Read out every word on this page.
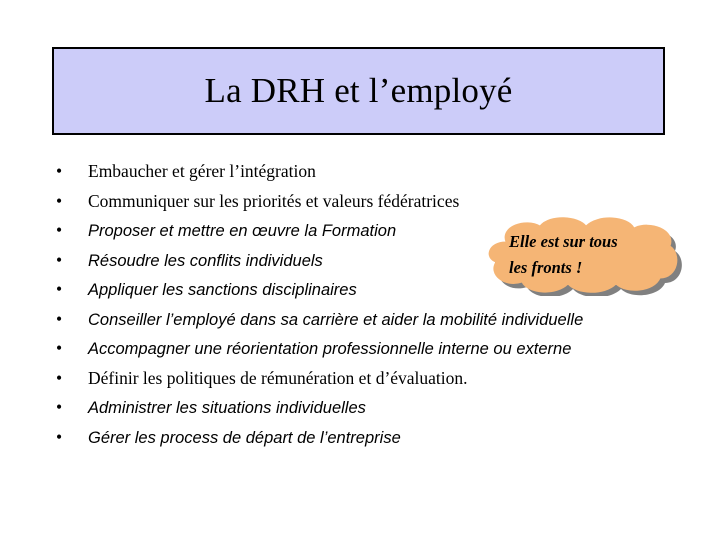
La DRH et l’employé
• Embaucher et gérer l’intégration
• Communiquer sur les priorités et valeurs fédératrices
• Proposer et mettre en œuvre la Formation
• Résoudre les conflits individuels
• Appliquer les sanctions disciplinaires
• Conseiller l’employé dans sa carrière et aider la mobilité individuelle
• Accompagner une réorientation professionnelle interne ou externe
• Définir les politiques de rémunération et d’évaluation.
• Administrer les situations individuelles
• Gérer les process de départ de l’entreprise
Elle est sur tous
les fronts !
